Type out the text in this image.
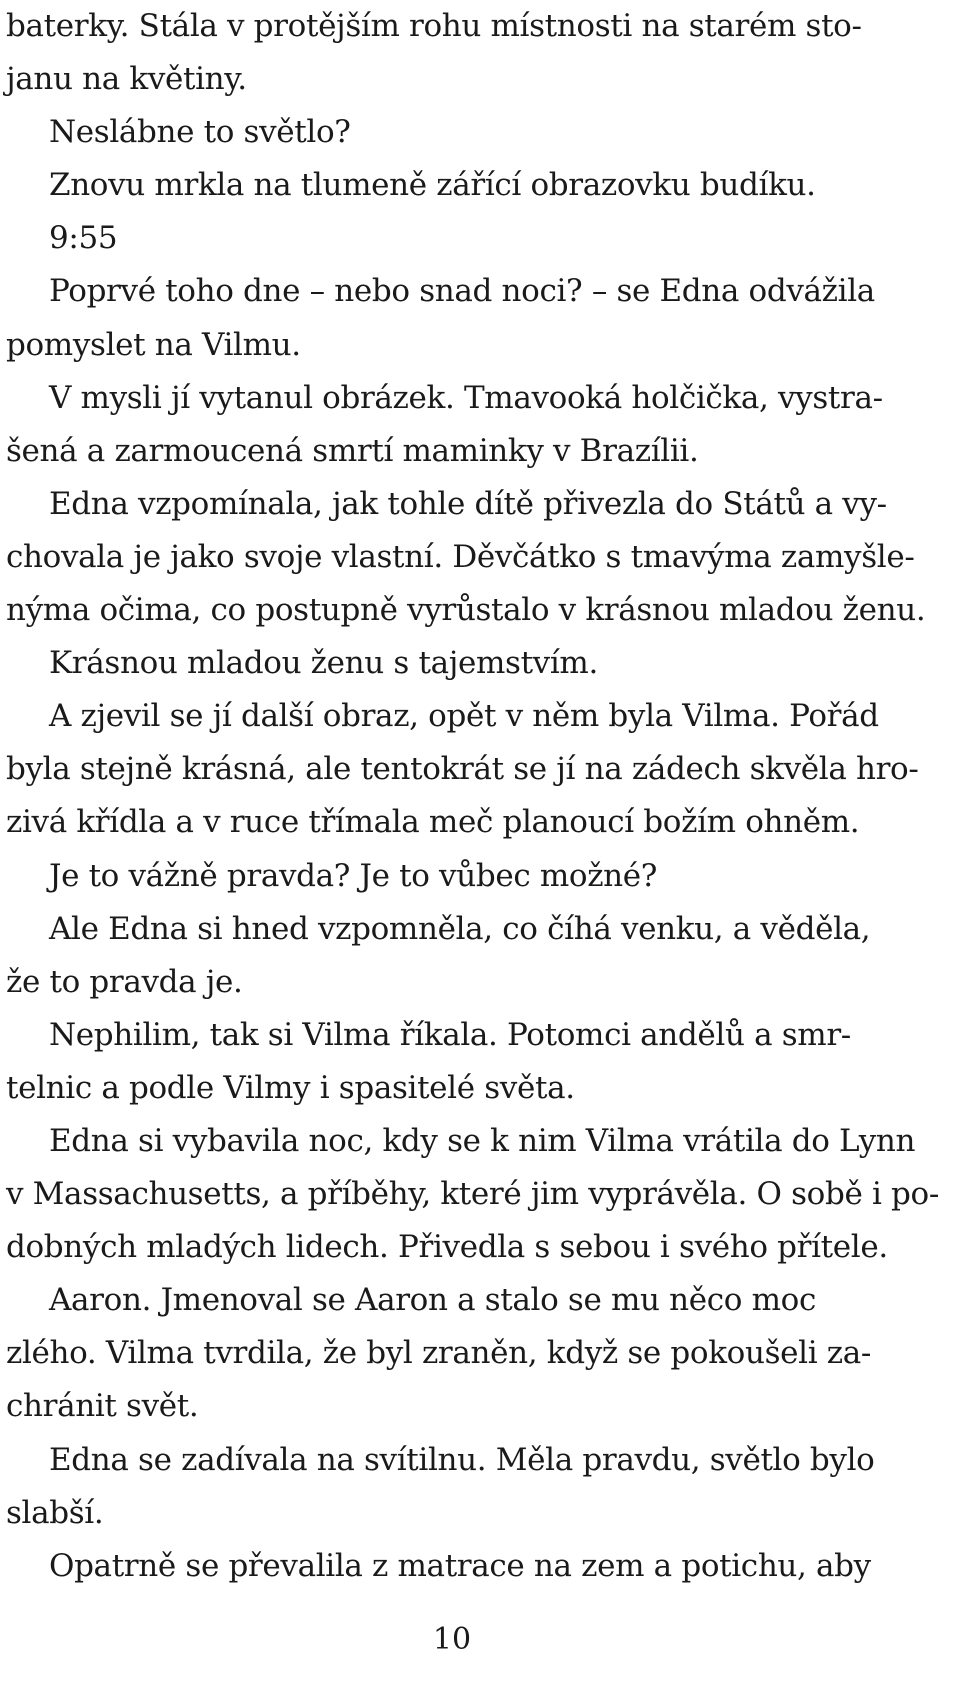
baterky. Stála v protějším rohu místnosti na starém sto-
janu na květiny.
Neslábne to světlo?
Znovu mrkla na tlumeně zářící obrazovku budíku.
9:55
Poprvé toho dne – nebo snad noci? – se Edna odvážila
pomyslet na Vilmu.
V mysli jí vytanul obrázek. Tmavooká holčička, vystra-
šená a zarmoucená smrtí maminky v Brazílii.
Edna vzpomínala, jak tohle dítě přivezla do Států a vy-
chovala je jako svoje vlastní. Děvčátko s tmavýma zamyšle-
nýma očima, co postupně vyrůstalo v krásnou mladou ženu.
Krásnou mladou ženu s tajemstvím.
A zjevil se jí další obraz, opět v něm byla Vilma. Pořád
byla stejně krásná, ale tentokrát se jí na zádech skvěla hro-
zivá křídla a v ruce třímala meč planoucí božím ohněm.
Je to vážně pravda? Je to vůbec možné?
Ale Edna si hned vzpomněla, co číhá venku, a věděla,
že to pravda je.
Nephilim, tak si Vilma říkala. Potomci andělů a smr-
telnic a podle Vilmy i spasitelé světa.
Edna si vybavila noc, kdy se k nim Vilma vrátila do Lynn
v Massachusetts, a příběhy, které jim vyprávěla. O sobě i po-
dobných mladých lidech. Přivedla s sebou i svého přítele.
Aaron. Jmenoval se Aaron a stalo se mu něco moc
zlého. Vilma tvrdila, že byl zraněn, když se pokoušeli za-
chránit svět.
Edna se zadívala na svítilnu. Měla pravdu, světlo bylo
slabší.
Opatrně se převalila z matrace na zem a potichu, aby
10
